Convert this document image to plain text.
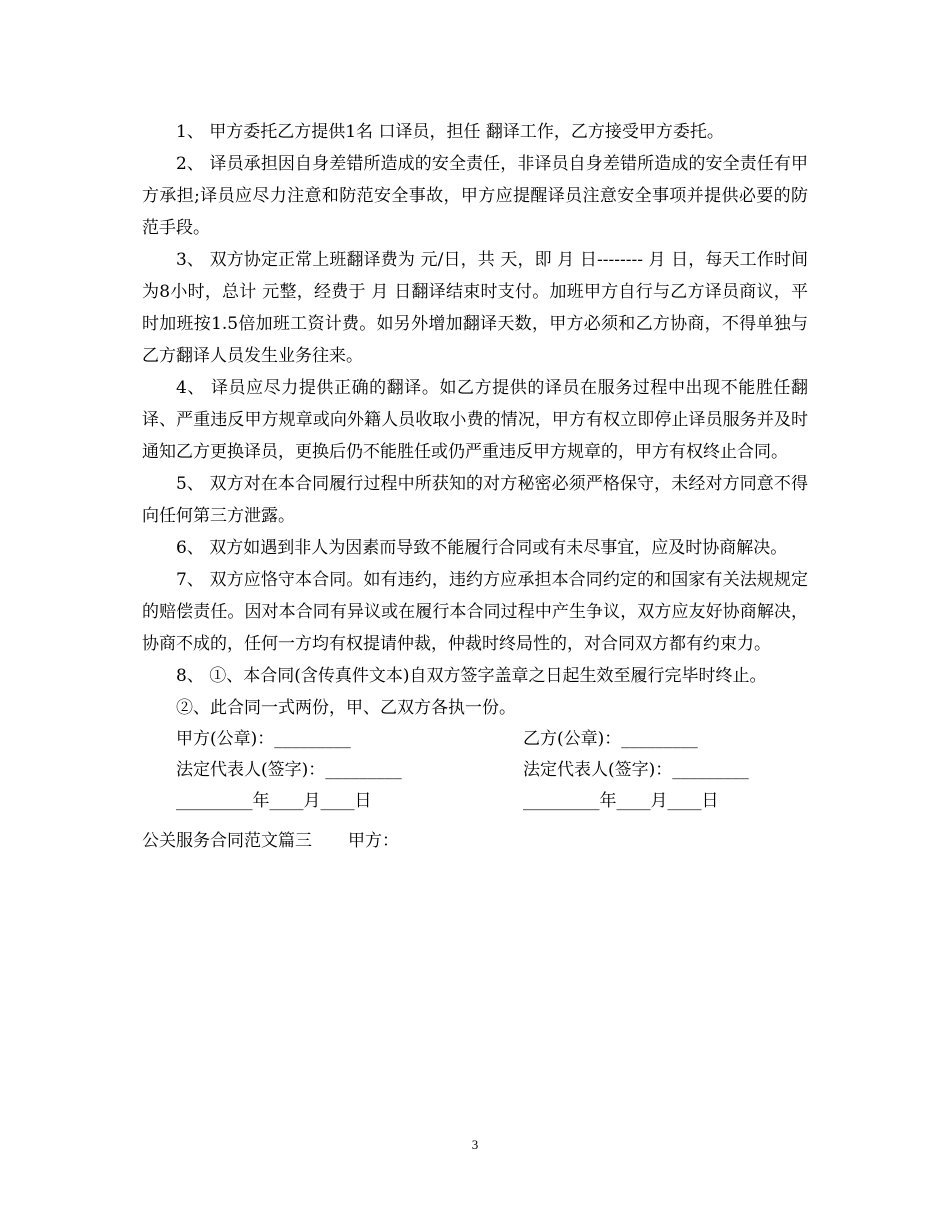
1、 甲方委托乙方提供1名 口译员，担任 翻译工作，乙方接受甲方委托。

2、 译员承担因自身差错所造成的安全责任，非译员自身差错所造成的安全责任有甲方承担;译员应尽力注意和防范安全事故，甲方应提醒译员注意安全事项并提供必要的防范手段。

3、 双方协定正常上班翻译费为 元/日，共 天，即 月 日-------- 月 日，每天工作时间为8小时，总计 元整，经费于 月 日翻译结束时支付。加班甲方自行与乙方译员商议，平时加班按1.5倍加班工资计费。如另外增加翻译天数，甲方必须和乙方协商，不得单独与乙方翻译人员发生业务往来。

4、 译员应尽力提供正确的翻译。如乙方提供的译员在服务过程中出现不能胜任翻译、严重违反甲方规章或向外籍人员收取小费的情况，甲方有权立即停止译员服务并及时通知乙方更换译员，更换后仍不能胜任或仍严重违反甲方规章的，甲方有权终止合同。

5、 双方对在本合同履行过程中所获知的对方秘密必须严格保守，未经对方同意不得向任何第三方泄露。

6、 双方如遇到非人为因素而导致不能履行合同或有未尽事宜，应及时协商解决。

7、 双方应恪守本合同。如有违约，违约方应承担本合同约定的和国家有关法规规定的赔偿责任。因对本合同有异议或在履行本合同过程中产生争议，双方应友好协商解决，协商不成的，任何一方均有权提请仲裁，仲裁时终局性的，对合同双方都有约束力。

8、 ①、本合同(含传真件文本)自双方签字盖章之日起生效至履行完毕时终止。

②、此合同一式两份，甲、乙双方各执一份。

甲方(公章)：_________	乙方(公章)：_________
法定代表人(签字)：_________	法定代表人(签字)：_________
_________年____月____日	_________年____月____日
公关服务合同范文篇三 甲方：
3
